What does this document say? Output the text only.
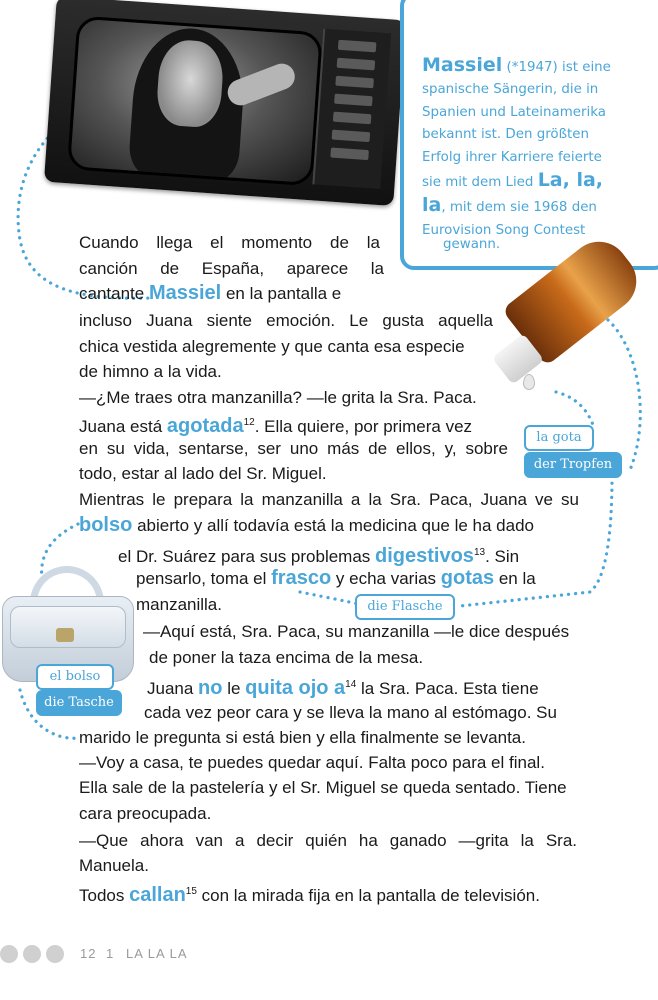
Massiel (*1947) ist eine
spanische Sängerin, die in
Spanien und Lateinamerika
bekannt ist. Den größten
Erfolg ihrer Karriere feierte
sie mit dem Lied La, la,
la, mit dem sie 1968 den
Eurovision Song Contest
gewann.
la gota
der Tropfen
die Flasche
el bolso
die Tasche
Cuando llega el momento de la
canción de España, aparece la
cantante Massiel en la pantalla e
incluso Juana siente emoción. Le gusta aquella
chica vestida alegremente y que canta esa especie
de himno a la vida.
—¿Me traes otra manzanilla? —le grita la Sra. Paca.
Juana está agotada$^{12}$. Ella quiere, por primera vez
en su vida, sentarse, ser uno más de ellos, y, sobre
todo, estar al lado del Sr. Miguel.
Mientras le prepara la manzanilla a la Sra. Paca, Juana ve su
bolso abierto y allí todavía está la medicina que le ha dado
el Dr. Suárez para sus problemas digestivos$^{13}$. Sin
pensarlo, toma el frasco y echa varias gotas en la
manzanilla.
—Aquí está, Sra. Paca, su manzanilla —le dice después
de poner la taza encima de la mesa.
Juana no le quita ojo $a^{14}$ la Sra. Paca. Esta tiene
cada vez peor cara y se lleva la mano al estómago. Su
marido le pregunta si está bien y ella finalmente se levanta.
—Voy a casa, te puedes quedar aquí. Falta poco para el final.
Ella sale de la pastelería y el Sr. Miguel se queda sentado. Tiene
cara preocupada.
—Que ahora van a decir quién ha ganado —grita la Sra.
Manuela.
Todos callan$^{15}$ con la mirada fija en la pantalla de televisión.
12 1 LA LA LA
